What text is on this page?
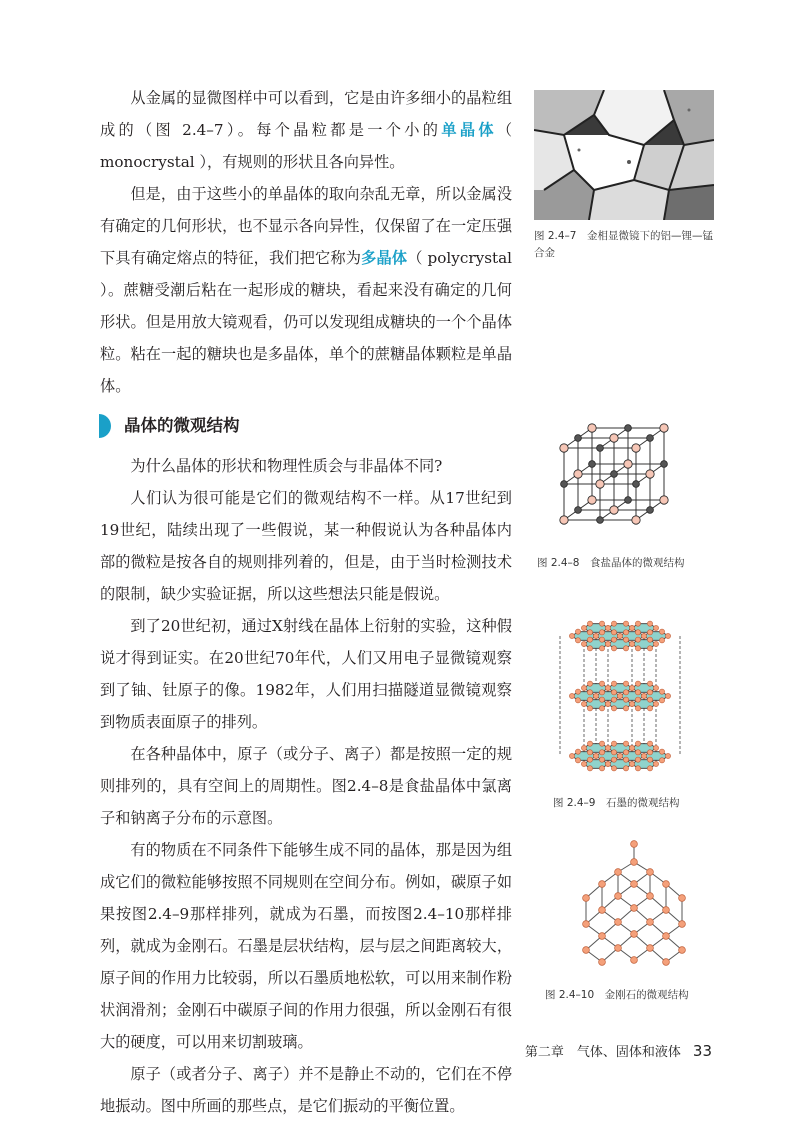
从金属的显微图样中可以看到，它是由许多细小的晶粒组成的（图 2.4–7）。每个晶粒都是一个小的单晶体（ monocrystal ），有规则的形状且各向异性。

但是，由于这些小的单晶体的取向杂乱无章，所以金属没有确定的几何形状，也不显示各向异性，仅保留了在一定压强下具有确定熔点的特征，我们把它称为多晶体（ polycrystal ）。蔗糖受潮后粘在一起形成的糖块，看起来没有确定的几何形状。但是用放大镜观看，仍可以发现组成糖块的一个个晶体粒。粘在一起的糖块也是多晶体，单个的蔗糖晶体颗粒是单晶体。

晶体的微观结构

为什么晶体的形状和物理性质会与非晶体不同?

人们认为很可能是它们的微观结构不一样。从17世纪到19世纪，陆续出现了一些假说，某一种假说认为各种晶体内部的微粒是按各自的规则排列着的，但是，由于当时检测技术的限制，缺少实验证据，所以这些想法只能是假说。

到了20世纪初，通过X射线在晶体上衍射的实验，这种假说才得到证实。在20世纪70年代，人们又用电子显微镜观察到了铀、钍原子的像。1982年，人们用扫描隧道显微镜观察到物质表面原子的排列。

在各种晶体中，原子（或分子、离子）都是按照一定的规则排列的，具有空间上的周期性。图2.4–8是食盐晶体中氯离子和钠离子分布的示意图。

有的物质在不同条件下能够生成不同的晶体，那是因为组成它们的微粒能够按照不同规则在空间分布。例如，碳原子如果按图2.4–9那样排列，就成为石墨，而按图2.4–10那样排列，就成为金刚石。石墨是层状结构，层与层之间距离较大，原子间的作用力比较弱，所以石墨质地松软，可以用来制作粉状润滑剂；金刚石中碳原子间的作用力很强，所以金刚石有很大的硬度，可以用来切割玻璃。

原子（或者分子、离子）并不是静止不动的，它们在不停地振动。图中所画的那些点，是它们振动的平衡位置。

图 2.4–7　金相显微镜下的铝—锂—锰合金
图 2.4–8　食盐晶体的微观结构
图 2.4–9　石墨的微观结构
图 2.4–10　金刚石的微观结构
第二章　气体、固体和液体 33
